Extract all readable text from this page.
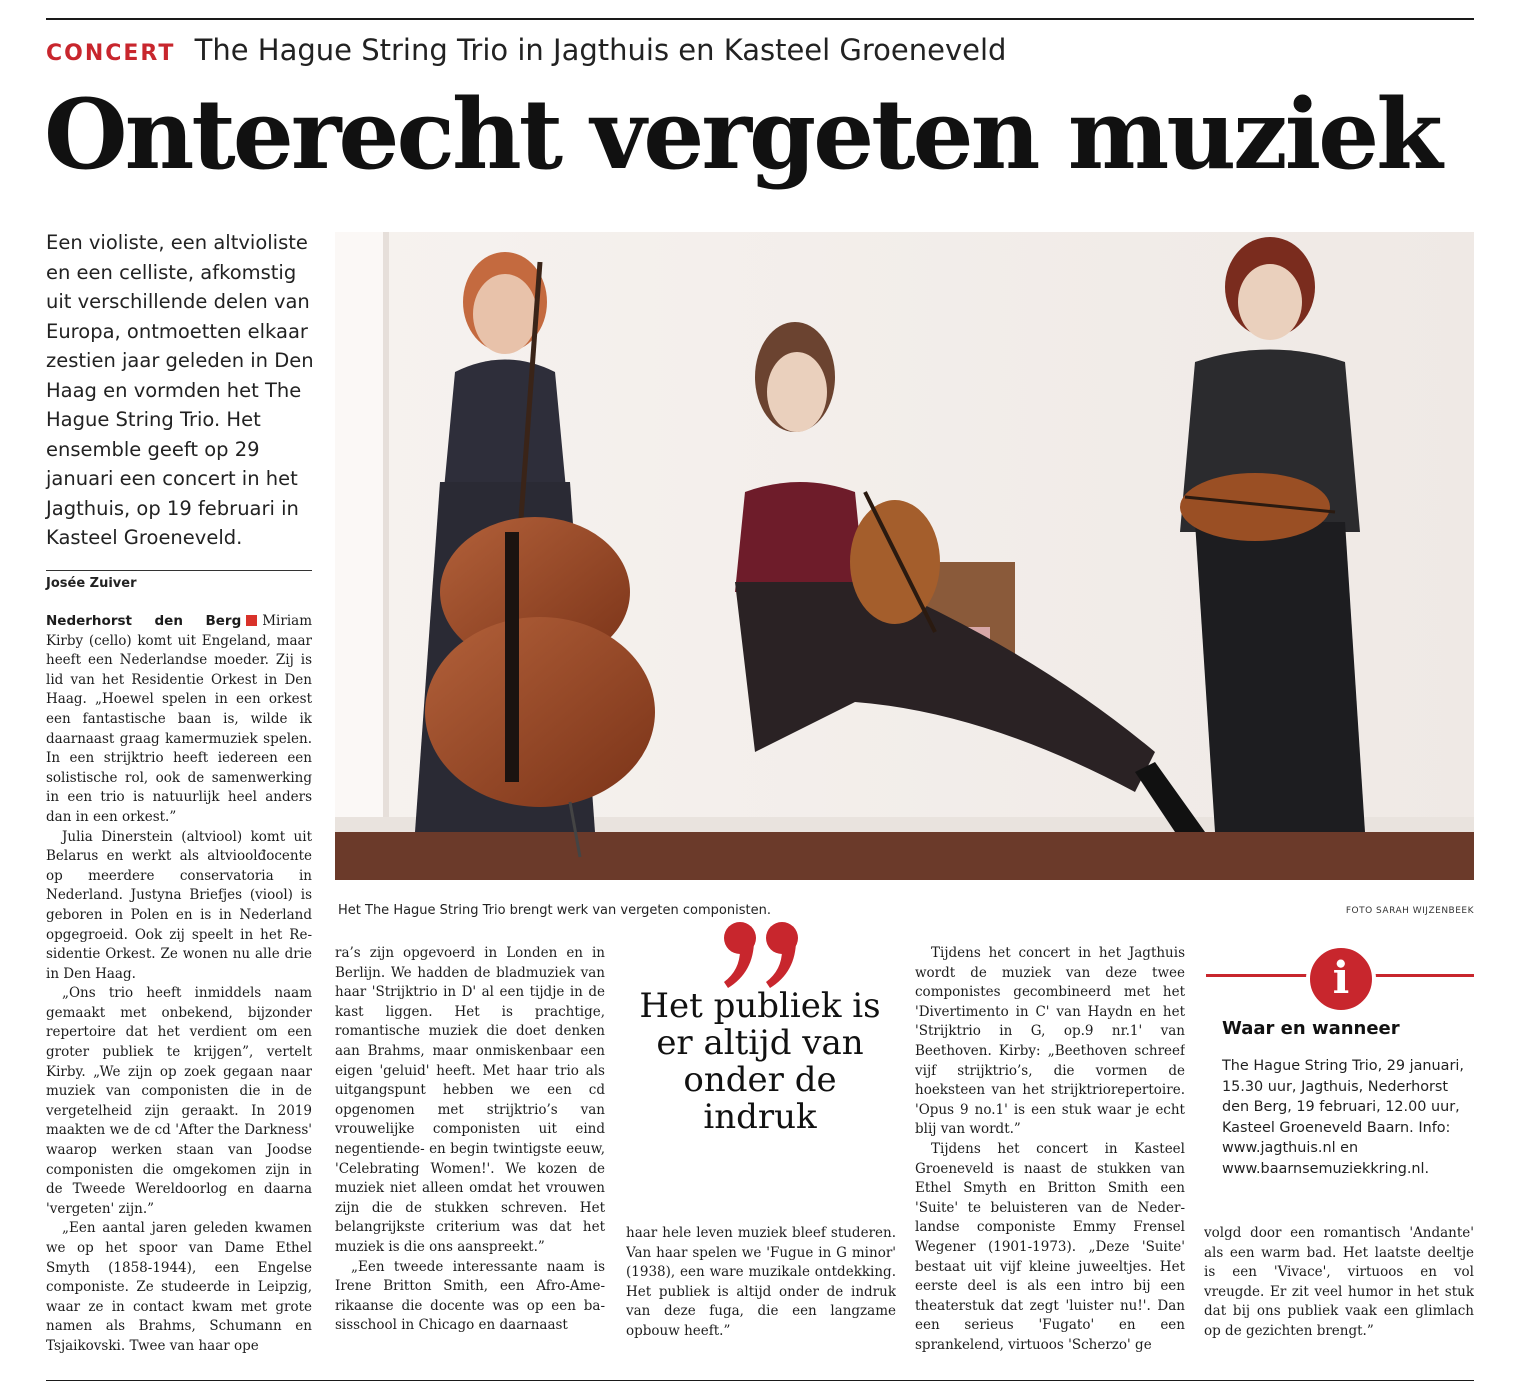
CONCERT The Hague String Trio in Jagthuis en Kasteel Groeneveld
Onterecht vergeten muziek
Een violiste, een altvioliste en een celliste, afkomstig uit verschillende delen van Europa, ontmoetten elkaar zestien jaar geleden in Den Haag en vormden het The Hague String Trio. Het ensemble geeft op 29 januari een concert in het Jagthuis, op 19 februari in Kasteel Groeneveld.
Josée Zuiver

Nederhorst den Berg Miriam Kirby (cello) komt uit Engeland, maar heeft een Nederlandse moeder. Zij is lid van het Residentie Orkest in Den Haag. „Hoewel spelen in een orkest een fantastische baan is, wilde ik daarnaast graag kamermuziek spelen. In een strijktrio heeft iedereen een solistische rol, ook de samenwerking in een trio is natuurlijk heel anders dan in een orkest.”

Julia Dinerstein (altviool) komt uit Belarus en werkt als altvioolđocente op meerdere conservatoria in Nederland. Justyna Briefjes (viool) is geboren in Polen en is in Nederland opgegroeid. Ook zij speelt in het Residentie Orkest. Ze wonen nu alle drie in Den Haag.

„Ons trio heeft inmiddels naam gemaakt met onbekend, bijzonder repertoire dat het verdient om een groter publiek te krijgen”, vertelt Kirby. „We zijn op zoek gegaan naar muziek van componisten die in de vergetelheid zijn geraakt. In 2019 maakten we de cd 'After the Darkness' waarop werken staan van Joodse componisten die omgekomen zijn in de Tweede Wereldoorlog en daarna 'vergeten' zijn.”

„Een aantal jaren geleden kwamen we op het spoor van Dame Ethel Smyth (1858-1944), een Engelse componiste. Ze studeerde in Leipzig, waar ze in contact kwam met grote namen als Brahms, Schumann en Tsjaikovski. Twee van haar ope

Het The Hague String Trio brengt werk van vergeten componisten.	FOTO SARAH WIJZENBEEK

ra’s zijn opgevoerd in Londen en in Berlijn. We hadden de bladmuziek van haar 'Strijktrio in D' al een tijdje in de kast liggen. Het is prachtige, romantische muziek die doet denken aan Brahms, maar onmiskenbaar een eigen 'geluid' heeft. Met haar trio als uitgangspunt hebben we een cd opgenomen met strijktrio’s van vrouwelijke componisten uit eind negentiende- en begin twintigste eeuw, 'Celebrating Women!'. We kozen de muziek niet alleen omdat het vrouwen zijn die de stukken schreven. Het belangrijkste criterium was dat het muziek is die ons aanspreekt.”

„Een tweede interessante naam is Irene Britton Smith, een Afro-Amerikaanse die docente was op een basisschool in Chicago en daarnaast

Het publiek is er altijd van onder de indruk

haar hele leven muziek bleef studeren. Van haar spelen we 'Fugue in G minor' (1938), een ware muzikale ontdekking. Het publiek is altijd onder de indruk van deze fuga, die een langzame opbouw heeft.”

Tijdens het concert in het Jagthuis wordt de muziek van deze twee componistes gecombineerd met het 'Divertimento in C' van Haydn en het 'Strijktrio in G, op.9 nr.1' van Beethoven. Kirby: „Beethoven schreef vijf strijktrio’s, die vormen de hoeksteen van het strijktriorepertoire. 'Opus 9 no.1' is een stuk waar je echt blij van wordt.”

Tijdens het concert in Kasteel Groeneveld is naast de stukken van Ethel Smyth en Britton Smith een 'Suite' te beluisteren van de Nederlandse componiste Emmy Frensel Wegener (1901-1973). „Deze 'Suite' bestaat uit vijf kleine juweeltjes. Het eerste deel is als een intro bij een theaterstuk dat zegt 'luister nu!'. Dan een serieus 'Fugato' en een sprankelend, virtuoos 'Scherzo' ge

i
Waar en wanneer
The Hague String Trio, 29 januari, 15.30 uur, Jagthuis, Nederhorst den Berg, 19 februari, 12.00 uur, Kasteel Groeneveld Baarn. Info: www.jagthuis.nl en www.baarnsemuziekkring.nl.

volgd door een romantisch 'Andante' als een warm bad. Het laatste deeltje is een 'Vivace', virtuoos en vol vreugde. Er zit veel humor in het stuk dat bij ons publiek vaak een glimlach op de gezichten brengt.”
